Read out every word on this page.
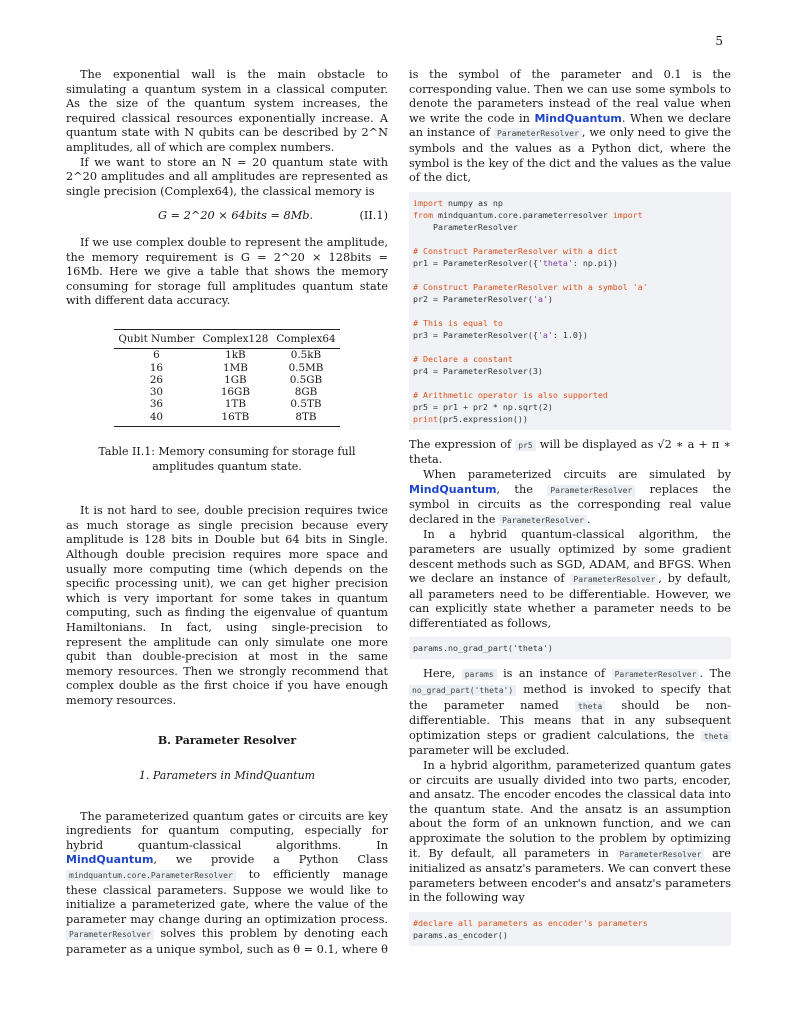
5

The exponential wall is the main obstacle to simulating a quantum system in a classical computer. As the size of the quantum system increases, the required classical resources exponentially increase. A quantum state with N qubits can be described by 2^N amplitudes, all of which are complex numbers.

If we want to store an N = 20 quantum state with 2^20 amplitudes and all amplitudes are represented as single precision (Complex64), the classical memory is

G = 2^20 × 64bits = 8Mb.	(II.1)

If we use complex double to represent the amplitude, the memory requirement is G = 2^20 × 128bits = 16Mb. Here we give a table that shows the memory consuming for storage full amplitudes quantum state with different data accuracy.

Qubit Number	Complex128	Complex64
6	1kB	0.5kB
16	1MB	0.5MB
26	1GB	0.5GB
30	16GB	8GB
36	1TB	0.5TB
40	16TB	8TB
Table II.1: Memory consuming for storage full amplitudes quantum state.

It is not hard to see, double precision requires twice as much storage as single precision because every amplitude is 128 bits in Double but 64 bits in Single. Although double precision requires more space and usually more computing time (which depends on the specific processing unit), we can get higher precision which is very important for some takes in quantum computing, such as finding the eigenvalue of quantum Hamiltonians. In fact, using single-precision to represent the amplitude can only simulate one more qubit than double-precision at most in the same memory resources. Then we strongly recommend that complex double as the first choice if you have enough memory resources.

B. Parameter Resolver
1. Parameters in MindQuantum

The parameterized quantum gates or circuits are key ingredients for quantum computing, especially for hybrid quantum-classical algorithms. In MindQuantum, we provide a Python Class mindquantum.core.ParameterResolver to efficiently manage these classical parameters. Suppose we would like to initialize a parameterized gate, where the value of the parameter may change during an optimization process. ParameterResolver solves this problem by denoting each parameter as a unique symbol, such as θ = 0.1, where θ

is the symbol of the parameter and 0.1 is the corresponding value. Then we can use some symbols to denote the parameters instead of the real value when we write the code in MindQuantum. When we declare an instance of ParameterResolver , we only need to give the symbols and the values as a Python dict, where the symbol is the key of the dict and the values as the value of the dict,

import numpy as np
from mindquantum.core.parameterresolver import
ParameterResolver

# Construct ParameterResolver with a dict
pr1 = ParameterResolver({'theta': np.pi})

# Construct ParameterResolver with a symbol 'a'
pr2 = ParameterResolver('a')

# This is equal to
pr3 = ParameterResolver({'a': 1.0})

# Declare a constant
pr4 = ParameterResolver(3)

# Arithmetic operator is also supported
pr5 = pr1 + pr2 * np.sqrt(2)
print(pr5.expression())

The expression of pr5 will be displayed as √2 ∗ a + π ∗ theta.

When parameterized circuits are simulated by MindQuantum, the ParameterResolver replaces the symbol in circuits as the corresponding real value declared in the ParameterResolver .

In a hybrid quantum-classical algorithm, the parameters are usually optimized by some gradient descent methods such as SGD, ADAM, and BFGS. When we declare an instance of ParameterResolver , by default, all parameters need to be differentiable. However, we can explicitly state whether a parameter needs to be differentiated as follows,

params.no_grad_part('theta')

Here, params is an instance of ParameterResolver . The no_grad_part('theta') method is invoked to specify that the parameter named theta should be non-differentiable. This means that in any subsequent optimization steps or gradient calculations, the theta parameter will be excluded.

In a hybrid algorithm, parameterized quantum gates or circuits are usually divided into two parts, encoder, and ansatz. The encoder encodes the classical data into the quantum state. And the ansatz is an assumption about the form of an unknown function, and we can approximate the solution to the problem by optimizing it. By default, all parameters in ParameterResolver are initialized as ansatz's parameters. We can convert these parameters between encoder's and ansatz's parameters in the following way

#declare all parameters as encoder's parameters
params.as_encoder()
